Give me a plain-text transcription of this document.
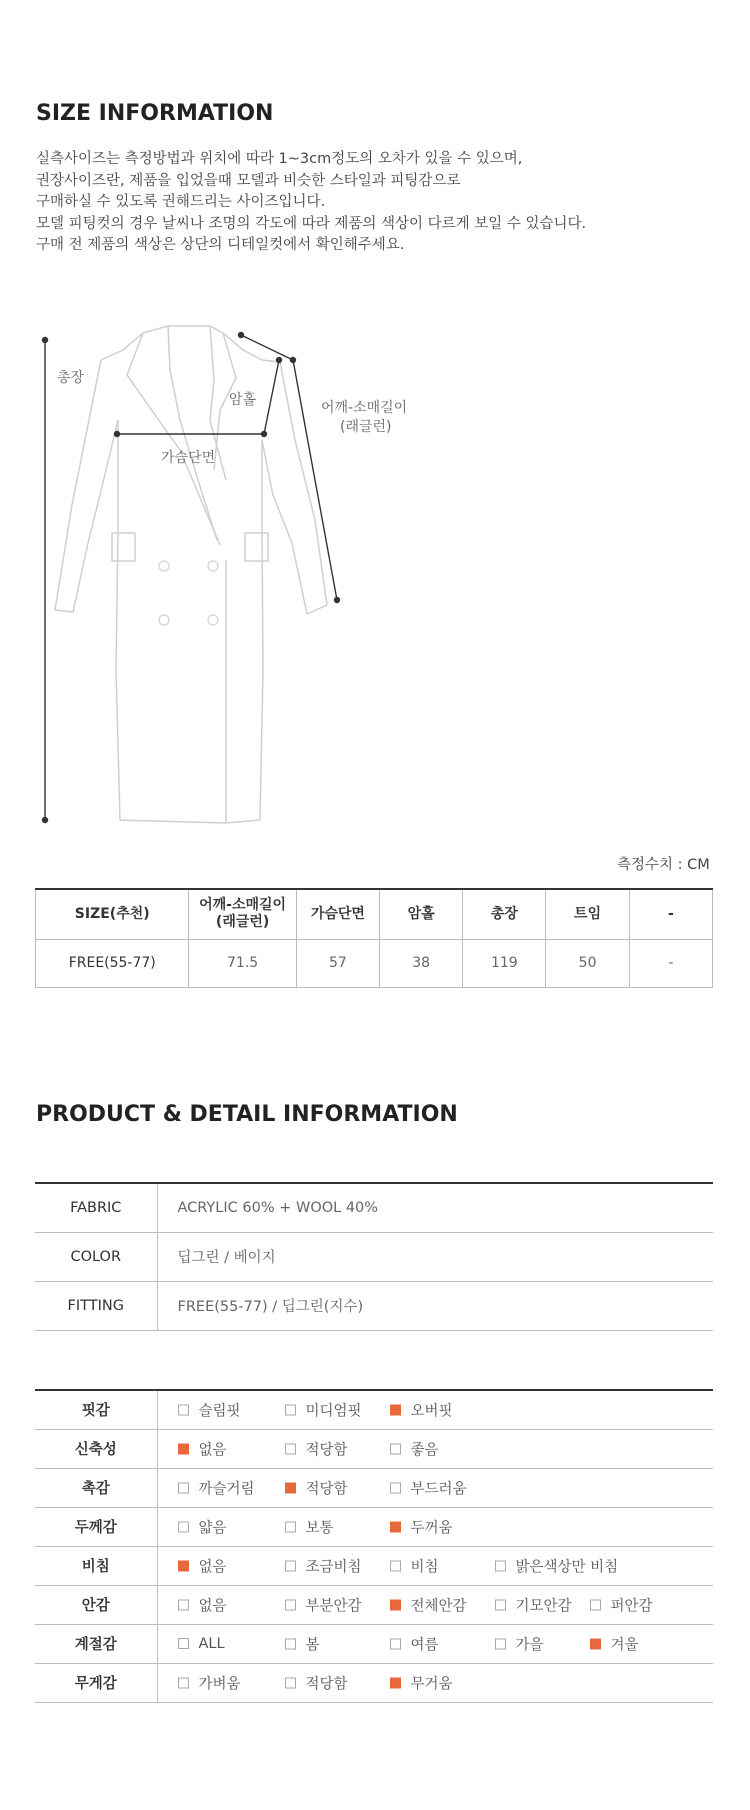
SIZE INFORMATION

실측사이즈는 측정방법과 위치에 따라 1~3cm정도의 오차가 있을 수 있으며,

권장사이즈란, 제품을 입었을때 모델과 비슷한 스타일과 피팅감으로

구매하실 수 있도록 권해드리는 사이즈입니다.

모델 피팅컷의 경우 날씨나 조명의 각도에 따라 제품의 색상이 다르게 보일 수 있습니다.

구매 전 제품의 색상은 상단의 디테일컷에서 확인해주세요.

총장
암홀
가슴단면
어깨-소매길이
(래글런)
측정수치 : CM
SIZE(추천)	어깨-소매길이
(래글런)	가슴단면	암홀	총장	트임	-
FREE(55-77)	71.5	57	38	119	50	-
PRODUCT & DETAIL INFORMATION
FABRIC	ACRYLIC 60% + WOOL 40%
COLOR	딥그린 / 베이지
FITTING	FREE(55-77) / 딥그린(지수)
핏감	슬림핏 미디엄핏 오버핏

신축성	없음 적당함 좋음

촉감	까슬거림 적당함 부드러움

두께감	얇음 보통 두꺼움

비침	없음 조금비침 비침 밝은색상만 비침

안감	없음 부분안감 전체안감 기모안감 퍼안감

계절감	ALL 봄 여름 가을 겨울

무게감	가벼움 적당함 무거움
